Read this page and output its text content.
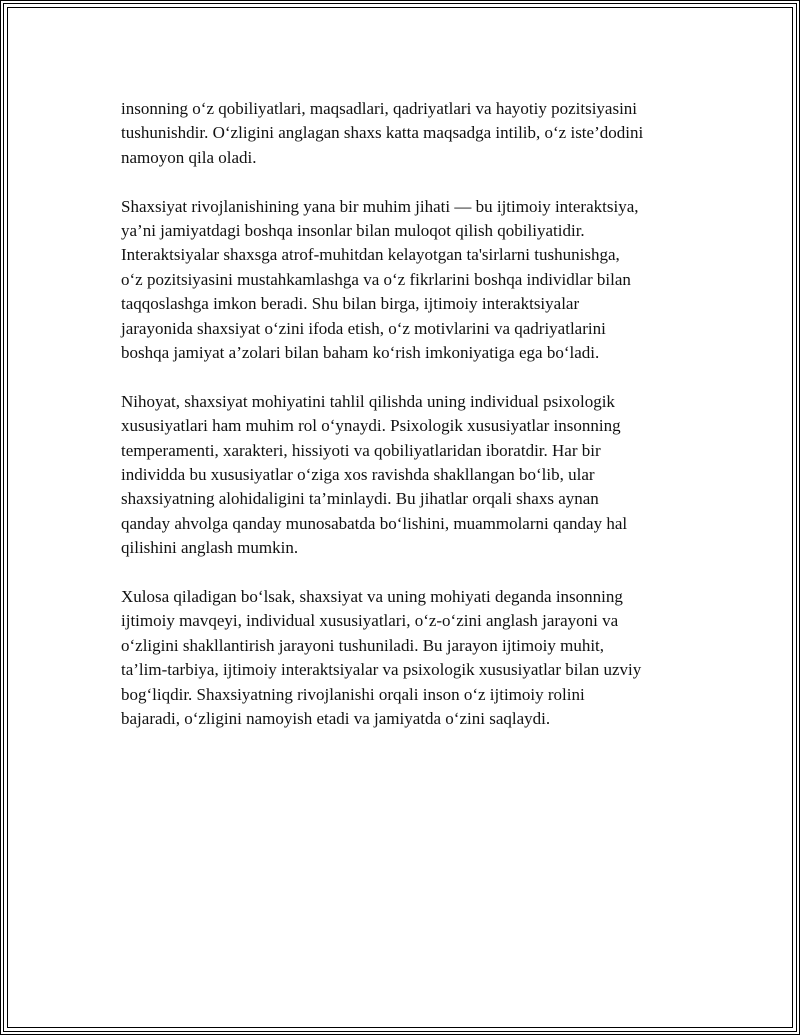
insonning o‘z qobiliyatlari, maqsadlari, qadriyatlari va hayotiy pozitsiyasini
tushunishdir. O‘zligini anglagan shaxs katta maqsadga intilib, o‘z iste’dodini
namoyon qila oladi.

Shaxsiyat rivojlanishining yana bir muhim jihati — bu ijtimoiy interaktsiya,
ya’ni jamiyatdagi boshqa insonlar bilan muloqot qilish qobiliyatidir.
Interaktsiyalar shaxsga atrof-muhitdan kelayotgan ta'sirlarni tushunishga,
o‘z pozitsiyasini mustahkamlashga va o‘z fikrlarini boshqa individlar bilan
taqqoslashga imkon beradi. Shu bilan birga, ijtimoiy interaktsiyalar
jarayonida shaxsiyat o‘zini ifoda etish, o‘z motivlarini va qadriyatlarini
boshqa jamiyat a’zolari bilan baham ko‘rish imkoniyatiga ega bo‘ladi.

Nihoyat, shaxsiyat mohiyatini tahlil qilishda uning individual psixologik
xususiyatlari ham muhim rol o‘ynaydi. Psixologik xususiyatlar insonning
temperamenti, xarakteri, hissiyoti va qobiliyatlaridan iboratdir. Har bir
individda bu xususiyatlar o‘ziga xos ravishda shakllangan bo‘lib, ular
shaxsiyatning alohidaligini ta’minlaydi. Bu jihatlar orqali shaxs aynan
qanday ahvolga qanday munosabatda bo‘lishini, muammolarni qanday hal
qilishini anglash mumkin.

Xulosa qiladigan bo‘lsak, shaxsiyat va uning mohiyati deganda insonning
ijtimoiy mavqeyi, individual xususiyatlari, o‘z-o‘zini anglash jarayoni va
o‘zligini shakllantirish jarayoni tushuniladi. Bu jarayon ijtimoiy muhit,
ta’lim-tarbiya, ijtimoiy interaktsiyalar va psixologik xususiyatlar bilan uzviy
bog‘liqdir. Shaxsiyatning rivojlanishi orqali inson o‘z ijtimoiy rolini
bajaradi, o‘zligini namoyish etadi va jamiyatda o‘zini saqlaydi.
